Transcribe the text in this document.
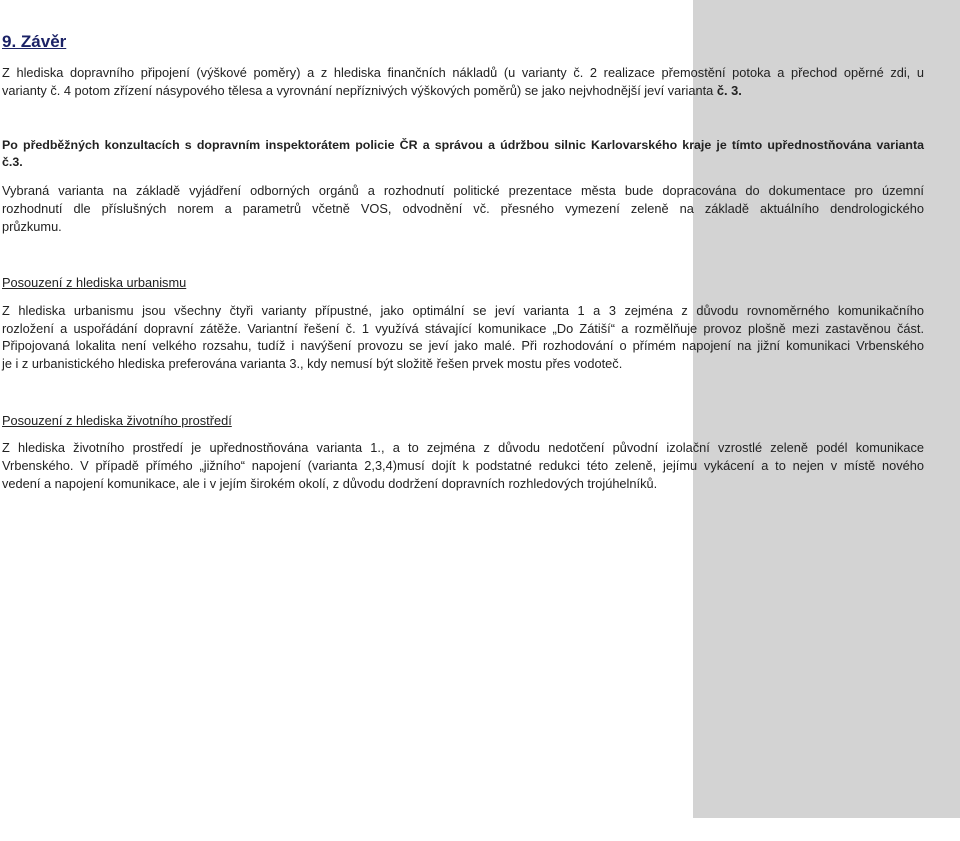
9. Závěr
Z hlediska dopravního připojení (výškové poměry) a z hlediska finančních nákladů (u varianty č. 2 realizace přemostění potoka a přechod opěrné zdi, u
varianty č. 4 potom zřízení násypového tělesa a vyrovnání nepříznivých výškových poměrů) se jako nejvhodnější jeví varianta č. 3.
Po předběžných konzultacích s dopravním inspektorátem policie ČR a správou a údržbou silnic Karlovarského kraje je tímto upřednostňována varianta
č.3.
Vybraná varianta na základě vyjádření odborných orgánů a rozhodnutí politické prezentace města bude dopracována do dokumentace pro územní
rozhodnutí dle příslušných norem a parametrů včetně VOS, odvodnění vč. přesného vymezení zeleně na základě aktuálního dendrologického
průzkumu.
Posouzení z hlediska urbanismu
Z hlediska urbanismu jsou všechny čtyři varianty přípustné, jako optimální se jeví varianta 1 a 3 zejména z důvodu rovnoměrného komunikačního
rozložení a uspořádání dopravní zátěže. Variantní řešení č. 1 využívá stávající komunikace „Do Zátiší“ a rozmělňuje provoz plošně mezi zastavěnou část.
Připojovaná lokalita není velkého rozsahu, tudíž i navýšení provozu se jeví jako malé. Při rozhodování o přímém napojení na jižní komunikaci Vrbenského
je i z urbanistického hlediska preferována varianta 3., kdy nemusí být složitě řešen prvek mostu přes vodoteč.
Posouzení z hlediska životního prostředí
Z hlediska životního prostředí je upřednostňována varianta 1., a to zejména z důvodu nedotčení původní izolační vzrostlé zeleně podél komunikace
Vrbenského. V případě přímého „jižního“ napojení (varianta 2,3,4)musí dojít k podstatné redukci této zeleně, jejímu vykácení a to nejen v místě nového
vedení a napojení komunikace, ale i v jejím širokém okolí, z důvodu dodržení dopravních rozhledových trojúhelníků.
